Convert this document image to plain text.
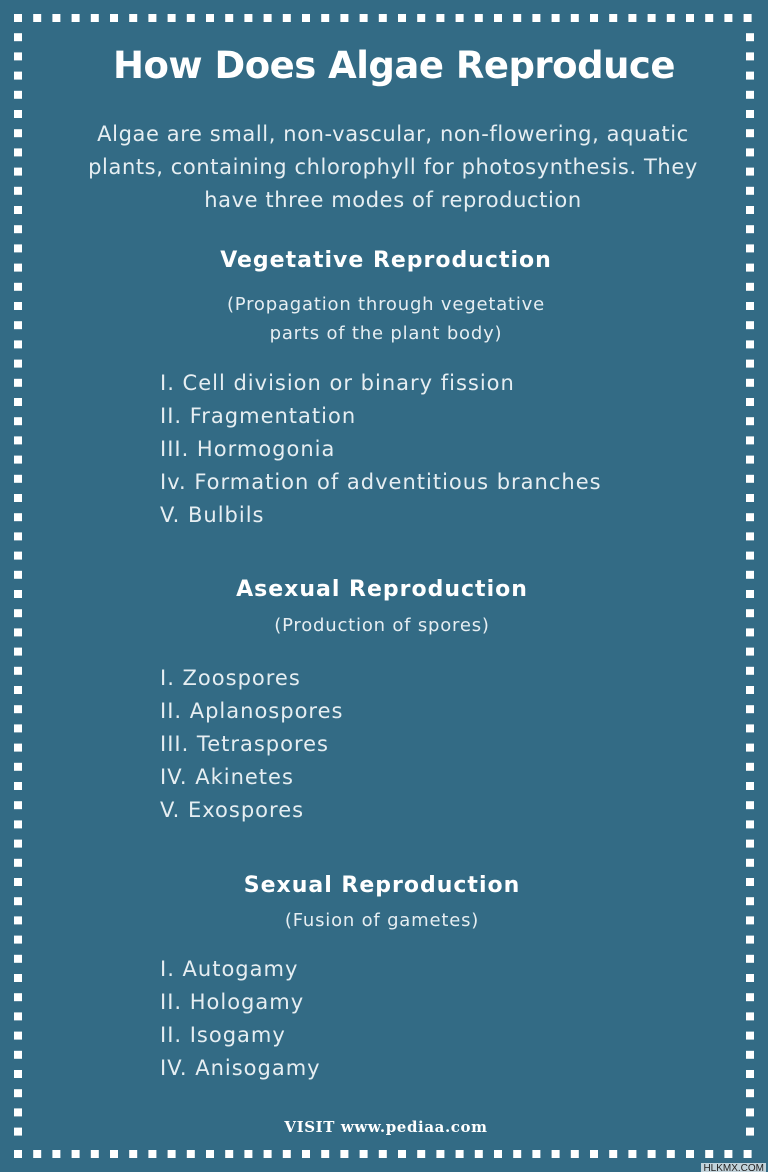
How Does Algae Reproduce

Algae are small, non-vascular, non-flowering, aquatic plants, containing chlorophyll for photosynthesis. They have three modes of reproduction

Vegetative Reproduction

(Propagation through vegetative
parts of the plant body)

I. Cell division or binary fission
II. Fragmentation
III. Hormogonia
Iv. Formation of adventitious branches
V. Bulbils
Asexual Reproduction

(Production of spores)

I. Zoospores
II. Aplanospores
III. Tetraspores
IV. Akinetes
V. Exospores
Sexual Reproduction

(Fusion of gametes)

I. Autogamy
II. Hologamy
II. Isogamy
IV. Anisogamy

VISIT www.pediaa.com

HLKMX.COM
